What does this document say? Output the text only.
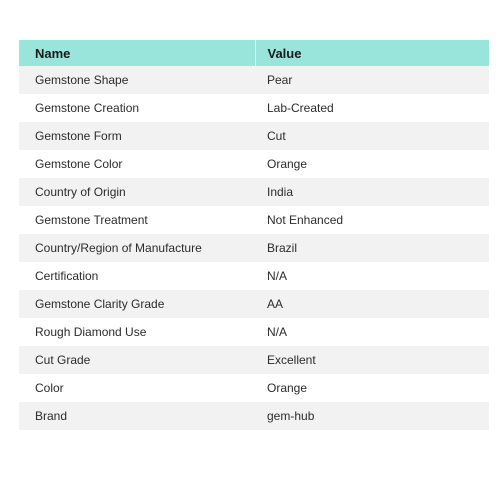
Name	Value
Gemstone Shape	Pear
Gemstone Creation	Lab-Created
Gemstone Form	Cut
Gemstone Color	Orange
Country of Origin	India
Gemstone Treatment	Not Enhanced
Country/Region of Manufacture	Brazil
Certification	N/A
Gemstone Clarity Grade	AA
Rough Diamond Use	N/A
Cut Grade	Excellent
Color	Orange
Brand	gem-hub
